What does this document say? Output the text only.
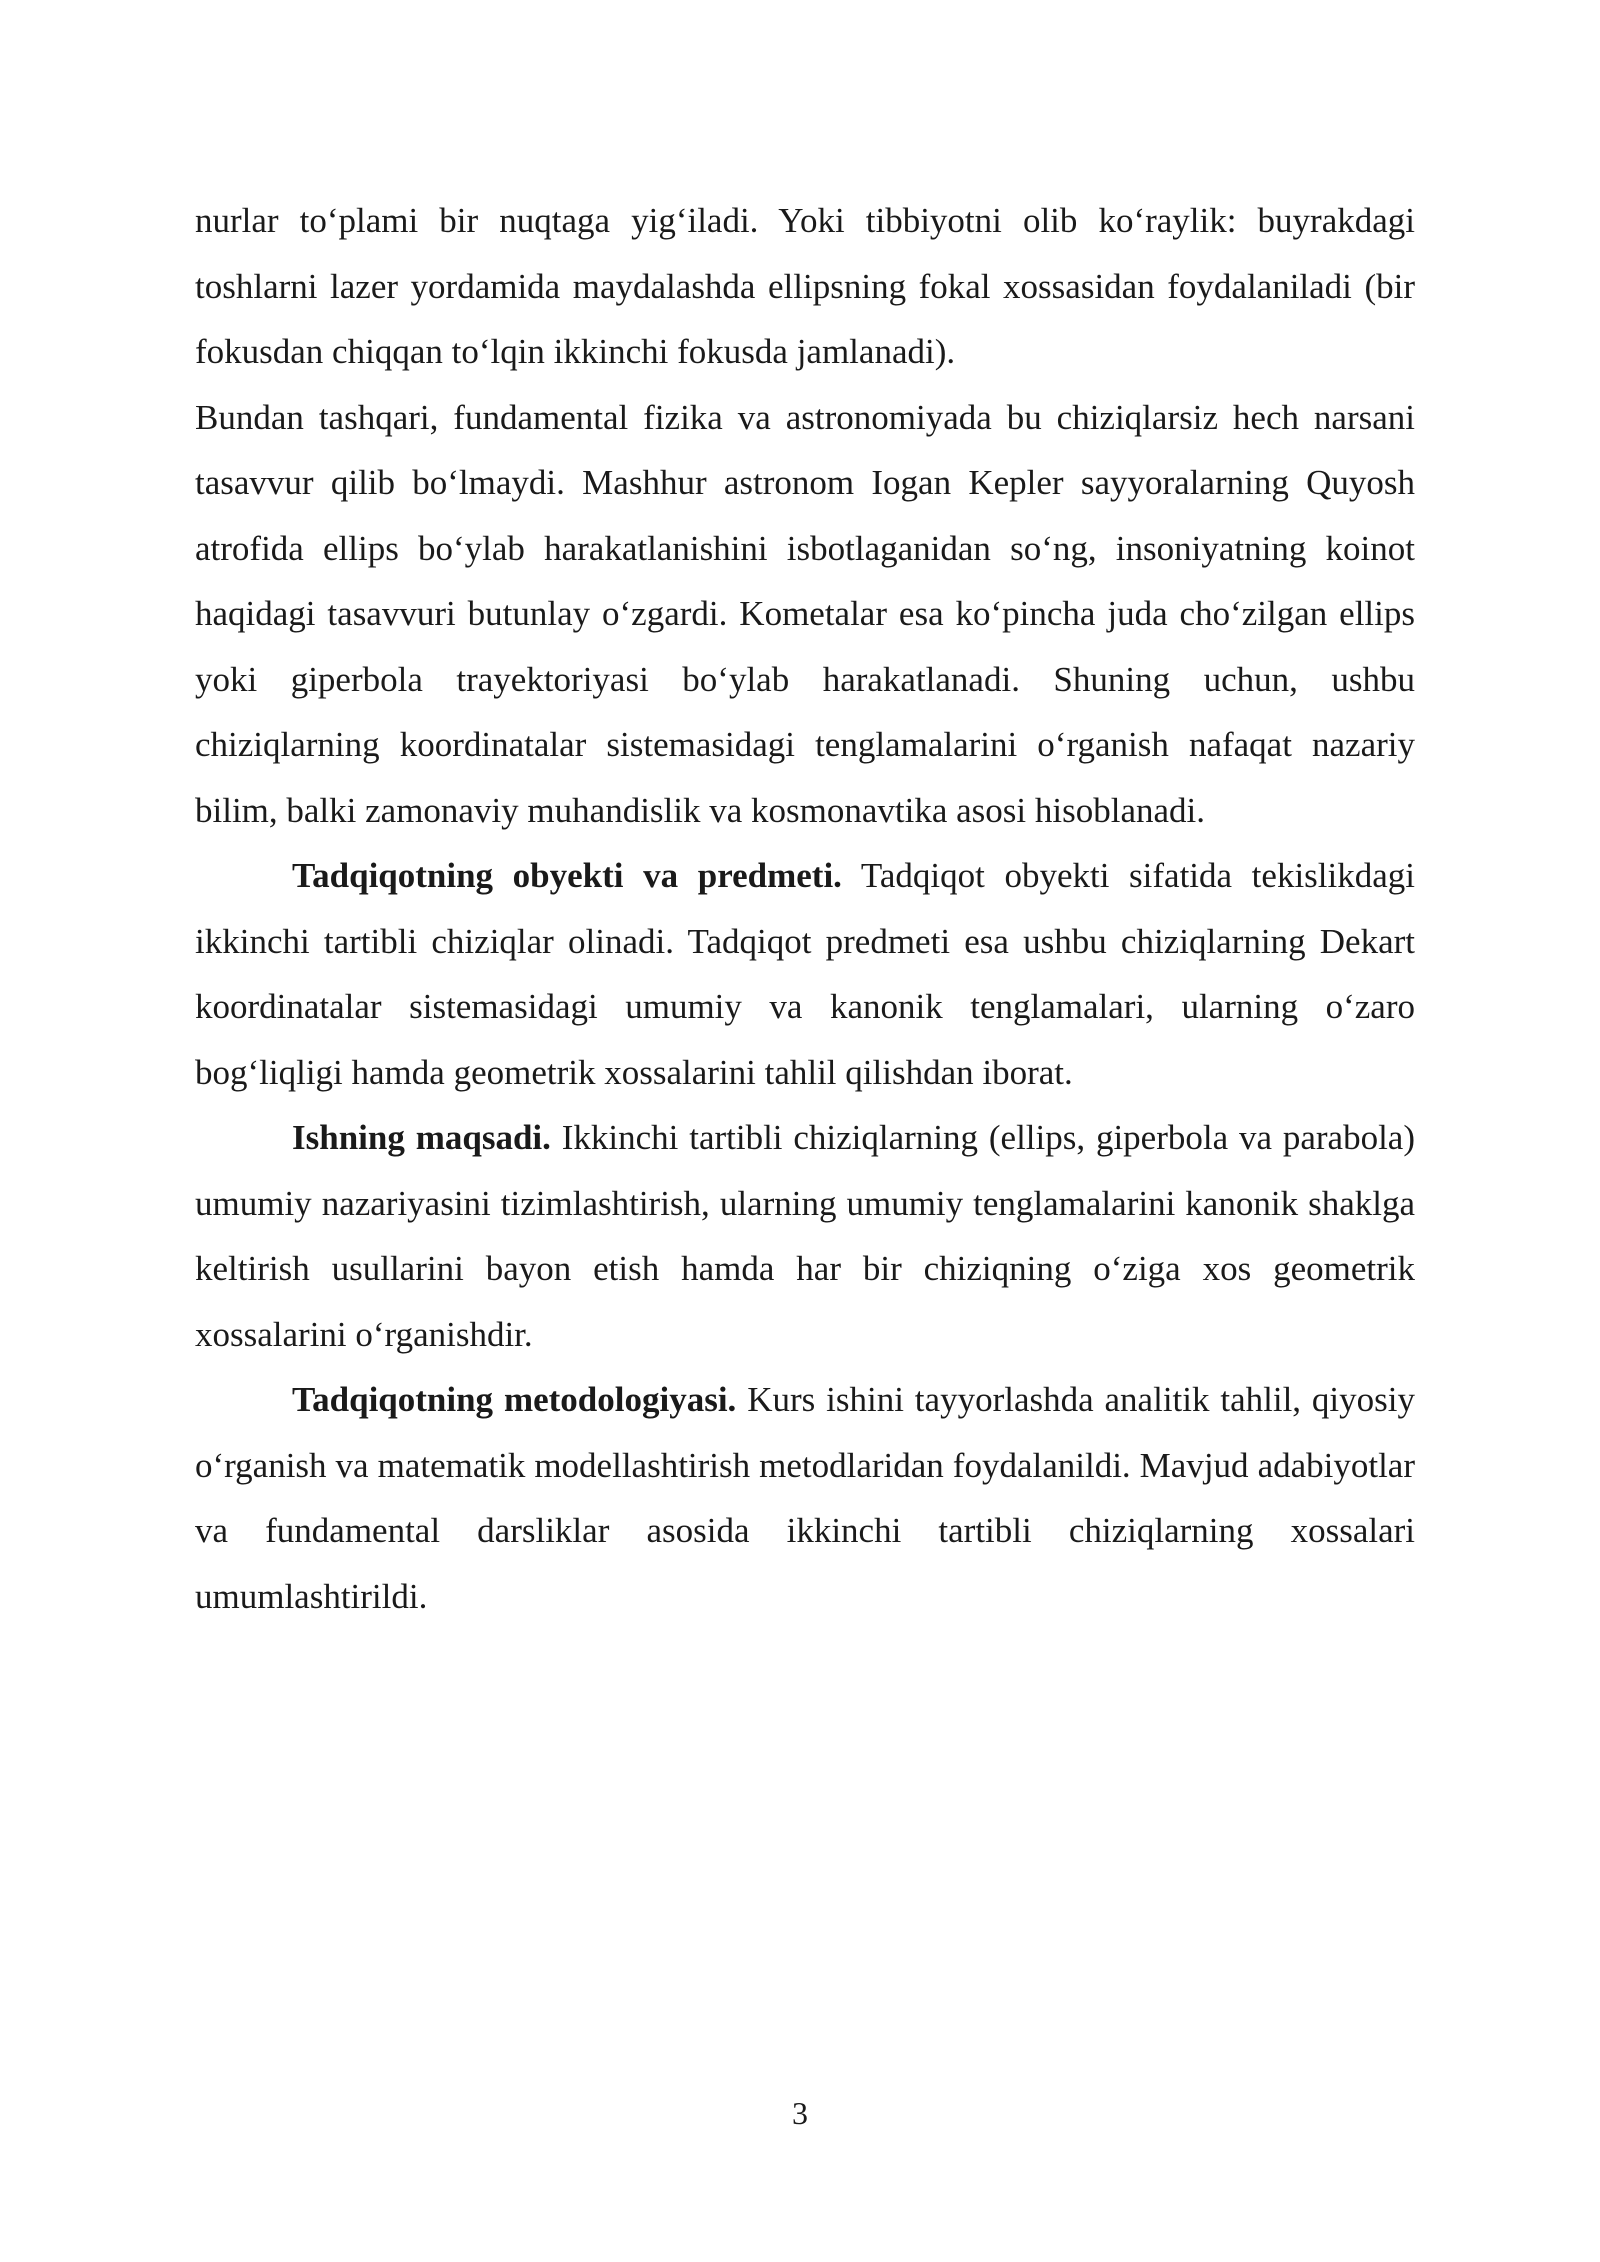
nurlar to‘plami bir nuqtaga yig‘iladi. Yoki tibbiyotni olib ko‘raylik: buyrakdagi toshlarni lazer yordamida maydalashda ellipsning fokal xossasidan foydalaniladi (bir fokusdan chiqqan to‘lqin ikkinchi fokusda jamlanadi).

Bundan tashqari, fundamental fizika va astronomiyada bu chiziqlarsiz hech narsani tasavvur qilib bo‘lmaydi. Mashhur astronom Iogan Kepler sayyoralarning Quyosh atrofida ellips bo‘ylab harakatlanishini isbotlaganidan so‘ng, insoniyatning koinot haqidagi tasavvuri butunlay o‘zgardi. Kometalar esa ko‘pincha juda cho‘zilgan ellips yoki giperbola trayektoriyasi bo‘ylab harakatlanadi. Shuning uchun, ushbu chiziqlarning koordinatalar sistemasidagi tenglamalarini o‘rganish nafaqat nazariy bilim, balki zamonaviy muhandislik va kosmonavtika asosi hisoblanadi.

Tadqiqotning obyekti va predmeti. Tadqiqot obyekti sifatida tekislikdagi ikkinchi tartibli chiziqlar olinadi. Tadqiqot predmeti esa ushbu chiziqlarning Dekart koordinatalar sistemasidagi umumiy va kanonik tenglamalari, ularning o‘zaro bog‘liqligi hamda geometrik xossalarini tahlil qilishdan iborat.

Ishning maqsadi. Ikkinchi tartibli chiziqlarning (ellips, giperbola va parabola) umumiy nazariyasini tizimlashtirish, ularning umumiy tenglamalarini kanonik shaklga keltirish usullarini bayon etish hamda har bir chiziqning o‘ziga xos geometrik xossalarini o‘rganishdir.

Tadqiqotning metodologiyasi. Kurs ishini tayyorlashda analitik tahlil, qiyosiy o‘rganish va matematik modellashtirish metodlaridan foydalanildi. Mavjud adabiyotlar va fundamental darsliklar asosida ikkinchi tartibli chiziqlarning xossalari umumlashtirildi.

3
